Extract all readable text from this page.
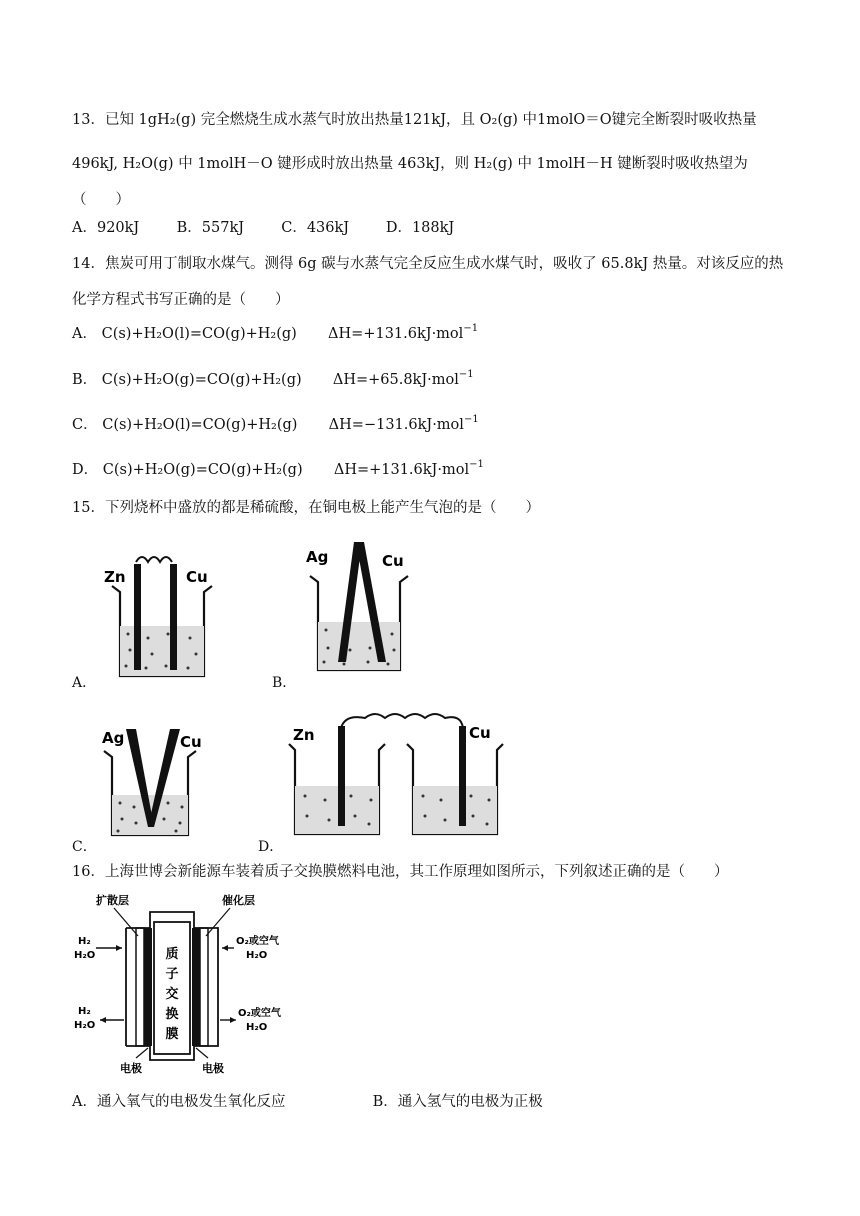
13．已知 1gH₂(g) 完全燃烧生成水蒸气时放出热量121kJ，且 O₂(g) 中1molO＝O键完全断裂时吸收热量
496kJ, H₂O(g) 中 1molH－O 键形成时放出热量 463kJ，则 H₂(g) 中 1molH－H 键断裂时吸收热望为
（　　）
A．920kJ	B．557kJ	C．436kJ	D．188kJ
14．焦炭可用丁制取水煤气。测得 6g 碳与水蒸气完全反应生成水煤气时，吸收了 65.8kJ 热量。对该反应的热
化学方程式书写正确的是（　　）
A． C(s)+H₂O(l)=CO(g)+H₂(g) ΔH=+131.6kJ·mol$^{-1}$
B． C(s)+H₂O(g)=CO(g)+H₂(g) ΔH=+65.8kJ·mol$^{-1}$
C． C(s)+H₂O(l)=CO(g)+H₂(g) ΔH=−131.6kJ·mol$^{-1}$
D． C(s)+H₂O(g)=CO(g)+H₂(g) ΔH=+131.6kJ·mol$^{-1}$
15．下列烧杯中盛放的都是稀硫酸，在铜电极上能产生气泡的是（　　）
A．
Zn	Cu
B．
Ag	Cu
C．
Ag	Cu
D．
Zn	Cu
16．上海世博会新能源车装着质子交换膜燃料电池，其工作原理如图所示，下列叙述正确的是（　　）
扩散层	催化层
质
子
交
换
膜
H₂
H₂O
H₂
H₂O
O₂或空气
H₂O
O₂或空气
H₂O
电极	电极
A．通入氧气的电极发生氧化反应	B．通入氢气的电极为正极
